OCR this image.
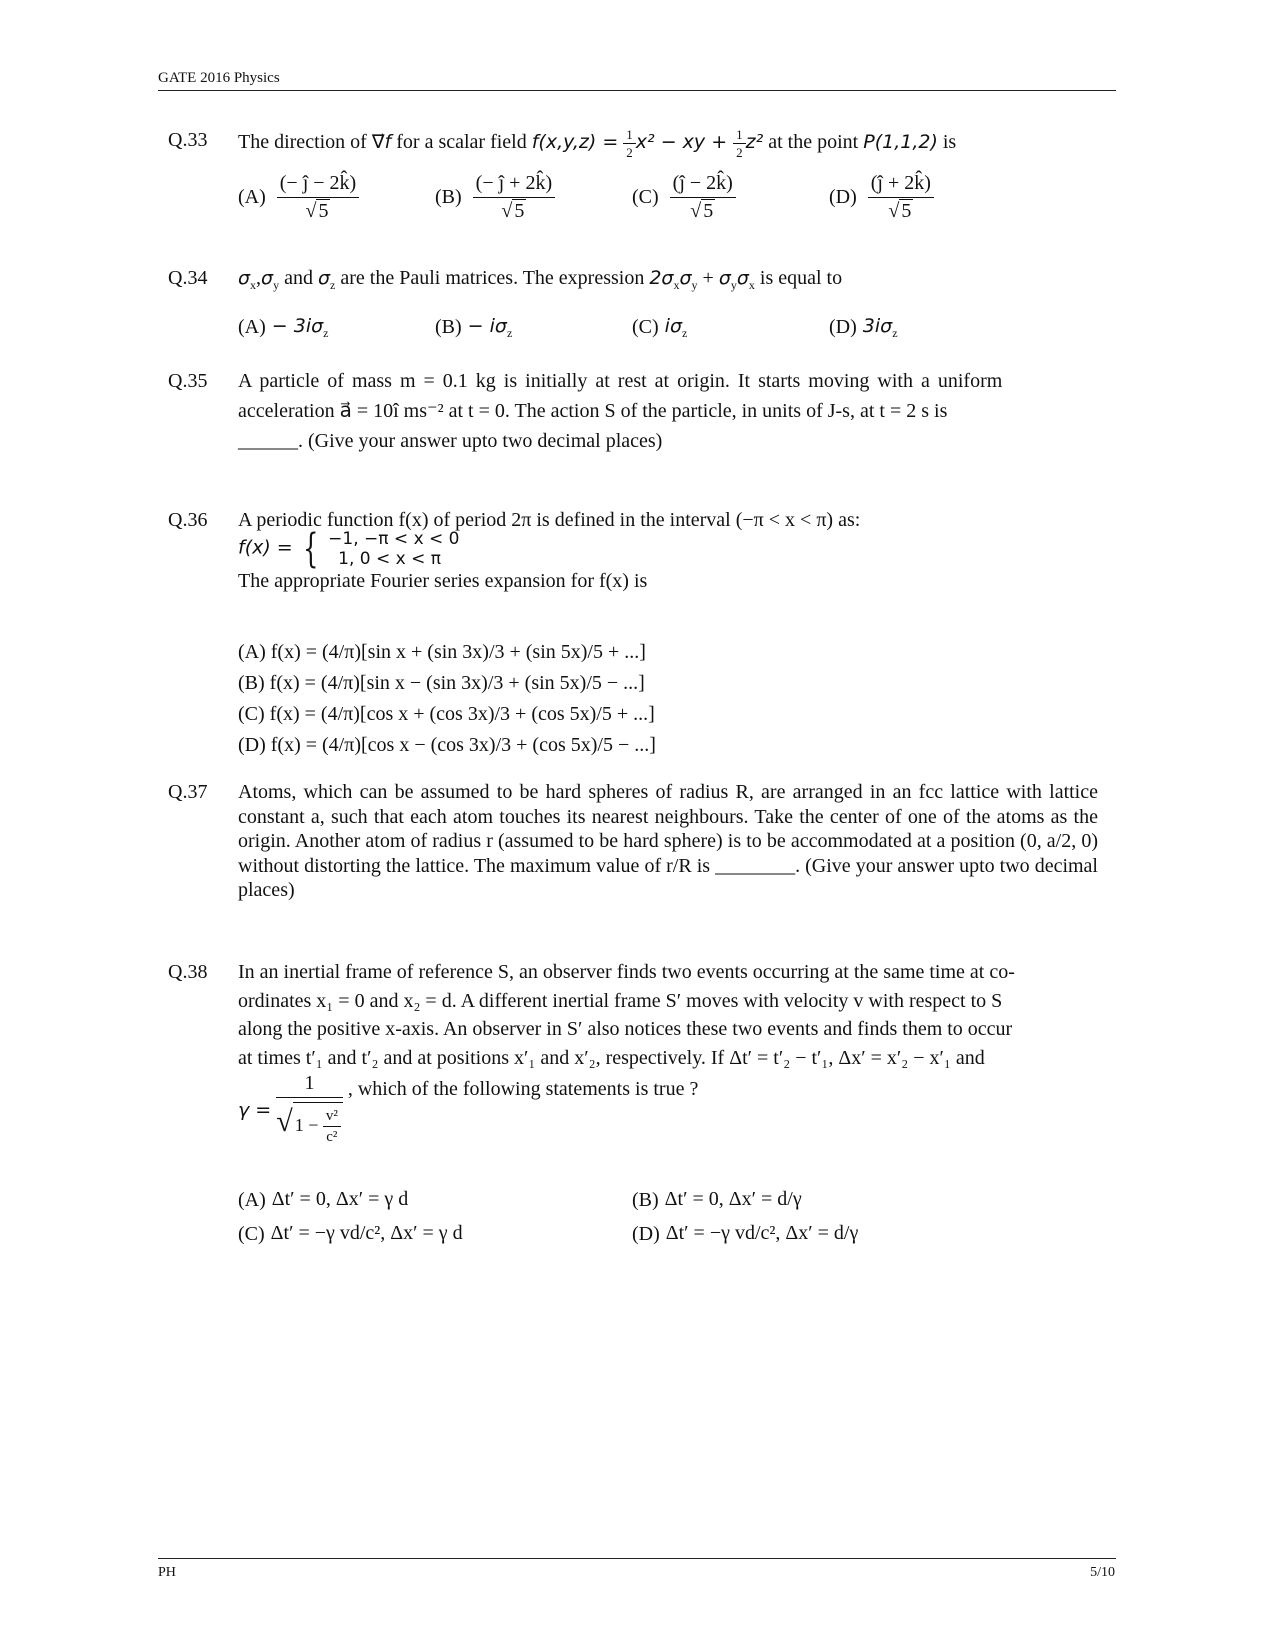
GATE 2016 Physics
Q.33	The direction of ∇⃗f for a scalar field $f(x,y,z) = \frac{1}{2} x^2$ − xy + $\frac{1}{2} z^2$ at the point P(1,1,2) is
$(A) \frac{(- ĵ - 2k̂)}{√ 5}$	$(B) \frac{(- ĵ + 2k̂)}{√ 5}$	$(C) \frac{(ĵ - 2k̂)}{√ 5}$	$(D) \frac{(ĵ + 2k̂)}{√ 5}$
Q.34	$\sigma_x,\sigma_y$ and $\sigma_z$ are the Pauli matrices. The expression $2\sigma_x\sigma_y + \sigma_y\sigma_x$ is equal to
$(A) - 3i\sigma_z$	$(B) - i\sigma_z$	(C) $i\sigma_z$	(D) $3i\sigma_z$
Q.35	A particle of mass m = 0.1 kg is initially at rest at origin. It starts moving with a uniform
acceleration a⃗ = 10î ms⁻² at t = 0. The action S of the particle, in units of J-s, at t = 2 s is
______. (Give your answer upto two decimal places)
Q.36	A periodic function f(x) of period 2π is defined in the interval (−π < x < π) as:
f(x) = { −1, −π < x < 0
1, 0 < x < π
The appropriate Fourier series expansion for f(x) is
(A) f(x) = (4/π)[sin x + (sin 3x)/3 + (sin 5x)/5 + ...]
(B) f(x) = (4/π)[sin x − (sin 3x)/3 + (sin 5x)/5 − ...]
(C) f(x) = (4/π)[cos x + (cos 3x)/3 + (cos 5x)/5 + ...]
(D) f(x) = (4/π)[cos x − (cos 3x)/3 + (cos 5x)/5 − ...]
Q.37	Atoms, which can be assumed to be hard spheres of radius R, are arranged in an fcc lattice with lattice constant a, such that each atom touches its nearest neighbours. Take the center of one of the atoms as the origin. Another atom of radius r (assumed to be hard sphere) is to be accommodated at a position (0, a/2, 0) without distorting the lattice. The maximum value of r/R is ________. (Give your answer upto two decimal places)
Q.38	In an inertial frame of reference S, an observer finds two events occurring at the same time at co-
ordinates x₁ = 0 and x₂ = d. A different inertial frame S′ moves with velocity v with respect to S
along the positive x-axis. An observer in S′ also notices these two events and finds them to occur
at times t′₁ and t′₂ and at positions x′₁ and x′₂, respectively. If Δt′ = t′₂ − t′₁, Δx′ = x′₂ − x′₁ and
$\gamma = \frac{1}{√ 1 - \frac{\text{v²}}{\text{c²}}}$ , which of the following statements is true ?
(A) Δt′ = 0, Δx′ = γ d	(B) Δt′ = 0, Δx′ = d/γ
(C) Δt′ = −γ vd/c², Δx′ = γ d	(D) Δt′ = −γ vd/c², Δx′ = d/γ
PH	5/10
